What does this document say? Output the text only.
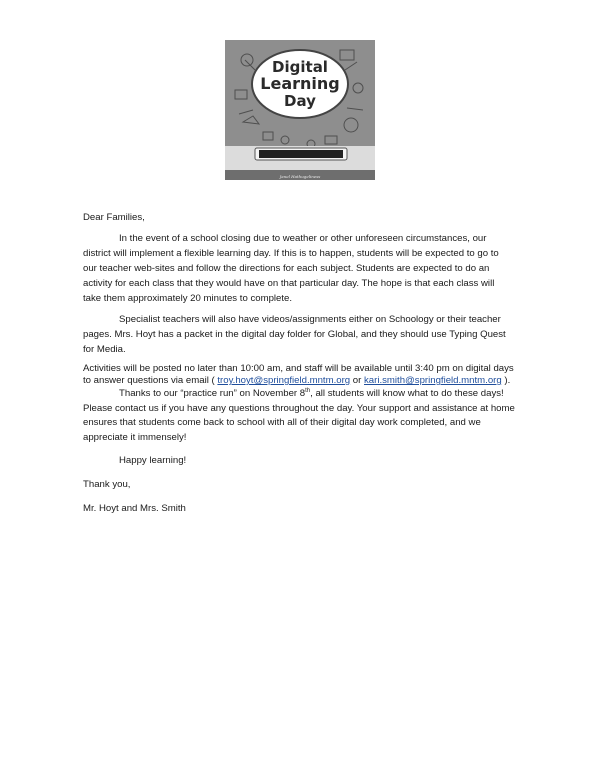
Digital
Learning
Day
Janel Hathugeliness

Dear Families,

In the event of a school closing due to weather or other unforeseen circumstances, our district will implement a flexible learning day. If this is to happen, students will be expected to go to our teacher web-sites and follow the directions for each subject. Students are expected to do an activity for each class that they would have on that particular day. The hope is that each class will take them approximately 20 minutes to complete.

Specialist teachers will also have videos/assignments either on Schoology or their teacher pages. Mrs. Hoyt has a packet in the digital day folder for Global, and they should use Typing Quest for Media.

Activities will be posted no later than 10:00 am, and staff will be available until 3:40 pm on digital days to answer questions via email ( troy.hoyt@springfield.mntm.org or kari.smith@springfield.mntm.org ).

Thanks to our “practice run” on November 8th, all students will know what to do these days! Please contact us if you have any questions throughout the day. Your support and assistance at home ensures that students come back to school with all of their digital day work completed, and we appreciate it immensely!

Happy learning!

Thank you,

Mr. Hoyt and Mrs. Smith
